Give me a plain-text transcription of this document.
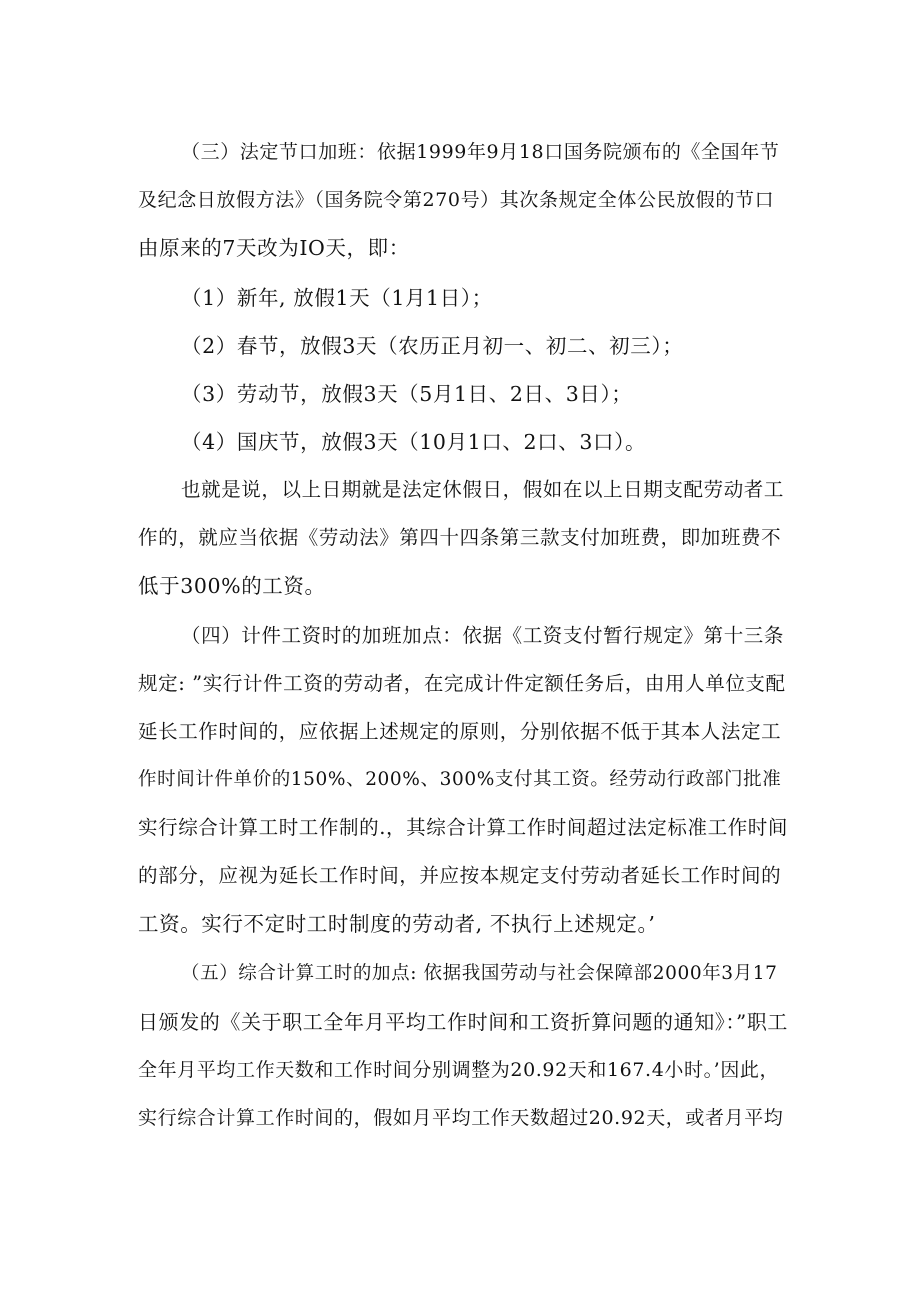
（三）法定节口加班：依据1999年9月18口国务院颁布的《全国年节
及纪念日放假方法》（国务院令第270号）其次条规定全体公民放假的节口
由原来的7天改为IO天，即：
（1）新年, 放假1天（1月1日）；
（2）春节，放假3天（农历正月初一、初二、初三）；
（3）劳动节，放假3天（5月1日、2日、3日）；
（4）国庆节，放假3天（10月1口、2口、3口）。
也就是说，以上日期就是法定休假日，假如在以上日期支配劳动者工
作的，就应当依据《劳动法》第四十四条第三款支付加班费，即加班费不
低于300%的工资。
（四）计件工资时的加班加点：依据《工资支付暂行规定》第十三条
规定: ”实行计件工资的劳动者，在完成计件定额任务后，由用人单位支配
延长工作时间的，应依据上述规定的原则，分别依据不低于其本人法定工
作时间计件单价的150%、200%、300%支付其工资。经劳动行政部门批准
实行综合计算工时工作制的.，其综合计算工作时间超过法定标准工作时间
的部分，应视为延长工作时间，并应按本规定支付劳动者延长工作时间的
工资。实行不定时工时制度的劳动者, 不执行上述规定。’
（五）综合计算工时的加点: 依据我国劳动与社会保障部2000年3月17
日颁发的《关于职工全年月平均工作时间和工资折算问题的通知》：”职工
全年月平均工作天数和工作时间分别调整为20.92天和167.4小时。’因此，
实行综合计算工作时间的，假如月平均工作天数超过20.92天，或者月平均
